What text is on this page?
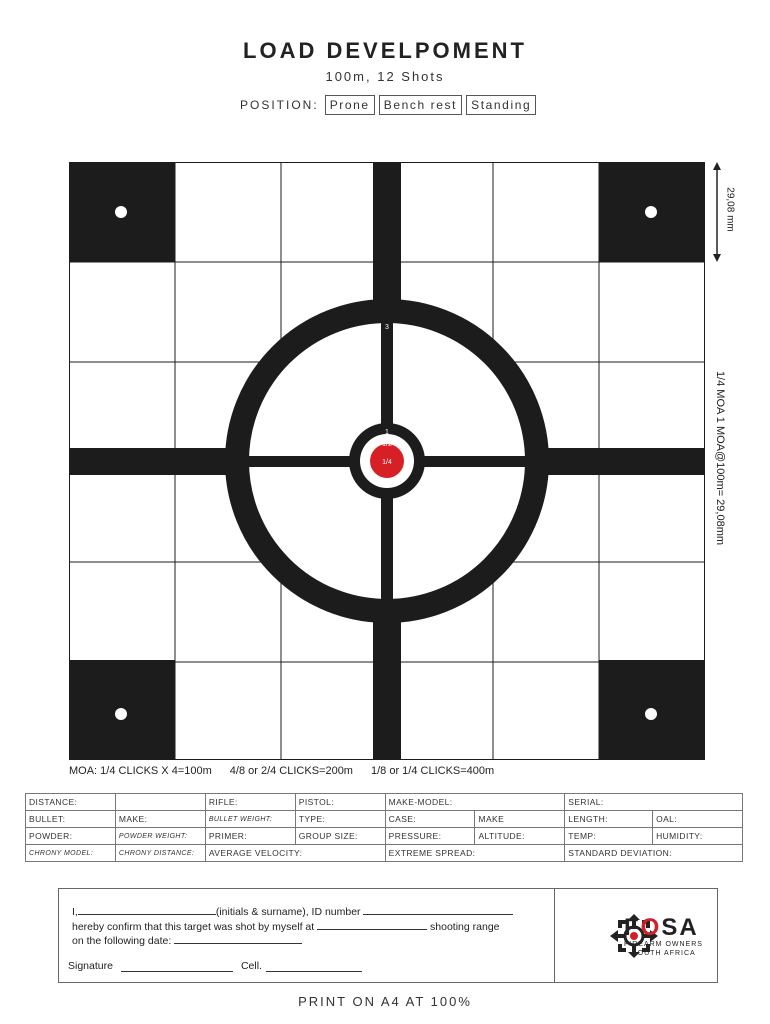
LOAD DEVELPOMENT
100m, 12 Shots
POSITION: Prone	Bench rest	Standing
3
1
1/2
1/4
29,08 mm
1/4 MOA 1 MOA@100m= 29,08mm
MOA: 1/4 CLICKS X 4=100m 4/8 or 2/4 CLICKS=200m 1/8 or 1/4 CLICKS=400m
DISTANCE:		RIFLE:	PISTOL:	MAKE-MODEL:		SERIAL:	
BULLET:	MAKE:	BULLET WEIGHT:	TYPE:	CASE:	MAKE	LENGTH:	OAL:
POWDER:	POWDER WEIGHT:	PRIMER:	GROUP SIZE:	PRESSURE:	ALTITUDE:	TEMP:	HUMIDITY:
CHRONY MODEL:	CHRONY DISTANCE:	AVERAGE VELOCITY:		EXTREME SPREAD:		STANDARD DEVIATION:	
I,	(initials & surname), ID number
hereby confirm that this target was shot by myself at	shooting range
on the following date:
Signature	Cell.
FOSA
FIREARM OWNERS
SOUTH AFRICA
PRINT ON A4 AT 100%
